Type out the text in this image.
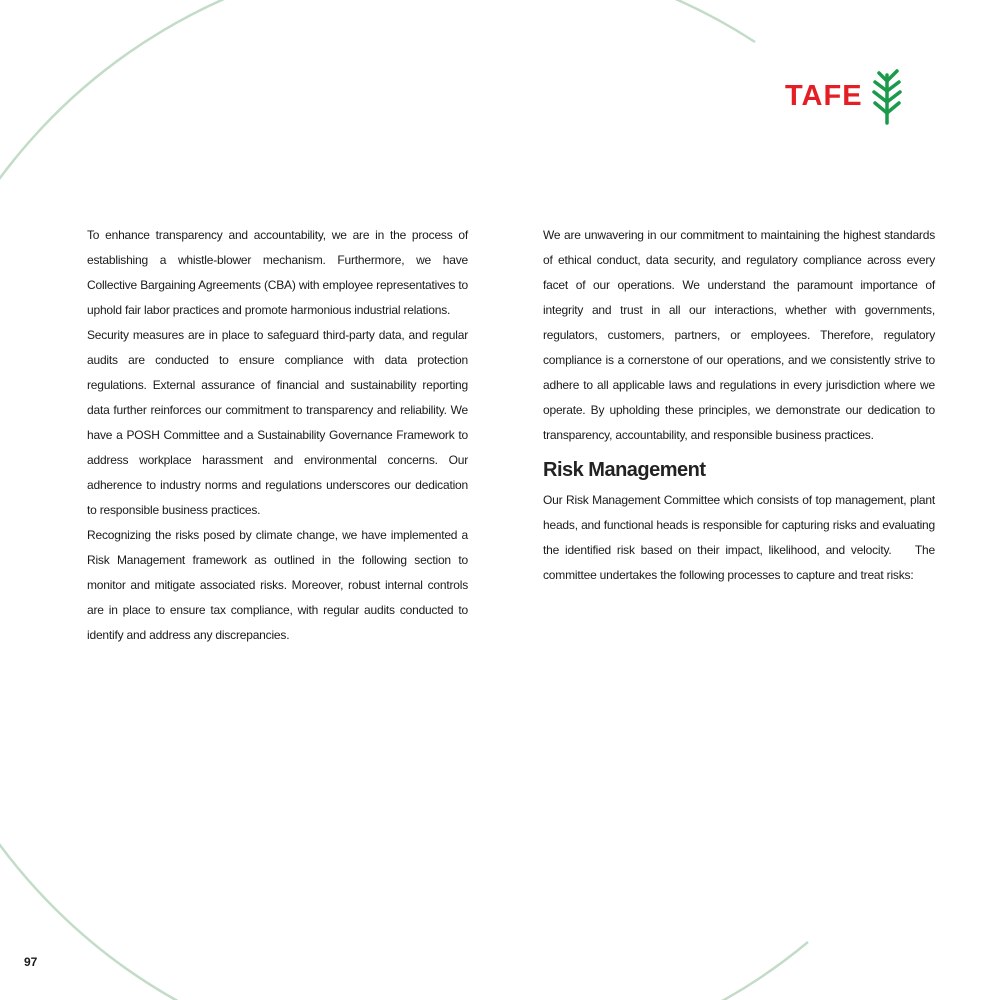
TAFE

To enhance transparency and accountability, we are in the process of establishing a whistle-blower mechanism. Furthermore, we have Collective Bargaining Agreements (CBA) with employee representatives to uphold fair labor practices and promote harmonious industrial relations.

Security measures are in place to safeguard third-party data, and regular audits are conducted to ensure compliance with data protection regulations. External assurance of financial and sustainability reporting data further reinforces our commitment to transparency and reliability. We have a POSH Committee and a Sustainability Governance Framework to address workplace harassment and environmental concerns. Our adherence to industry norms and regulations underscores our dedication to responsible business practices.

Recognizing the risks posed by climate change, we have implemented a Risk Management framework as outlined in the following section to monitor and mitigate associated risks. Moreover, robust internal controls are in place to ensure tax compliance, with regular audits conducted to identify and address any discrepancies.

We are unwavering in our commitment to maintaining the highest standards of ethical conduct, data security, and regulatory compliance across every facet of our operations. We understand the paramount importance of integrity and trust in all our interactions, whether with governments, regulators, customers, partners, or employees. Therefore, regulatory compliance is a cornerstone of our operations, and we consistently strive to adhere to all applicable laws and regulations in every jurisdiction where we operate. By upholding these principles, we demonstrate our dedication to transparency, accountability, and responsible business practices.

Risk Management

Our Risk Management Committee which consists of top management, plant heads, and functional heads is responsible for capturing risks and evaluating the identified risk based on their impact, likelihood, and velocity.    The committee undertakes the following processes to capture and treat risks:

97
